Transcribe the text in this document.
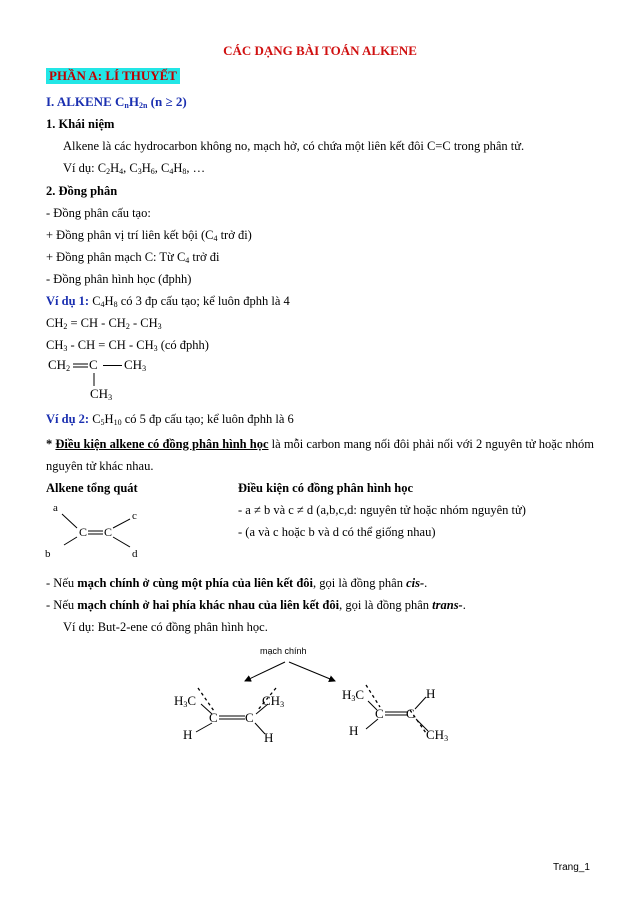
CÁC DẠNG BÀI TOÁN ALKENE
PHẦN A: LÍ THUYẾT
I. ALKENE $C_nH_{2n}$ (n ≥ 2)
1. Khái niệm
Alkene là các hydrocarbon không no, mạch hở, có chứa một liên kết đôi C=C trong phân tử.
Ví dụ: $C_2H_4$, $C_3H_6$, $C_4H_8$, …
2. Đồng phân
- Đồng phân cấu tạo:
+ Đồng phân vị trí liên kết bội ($C_4$ trở đi)
+ Đồng phân mạch C: Từ $C_4$ trở đi
- Đồng phân hình học (đphh)
Ví dụ 1: $C_4H_8$ có 3 đp cấu tạo; kể luôn đphh là 4
$CH_2$ = CH - $CH_2 - CH_3$
$CH_3$ - CH = CH - $CH_3$ (có đphh)
$CH_2$ C $CH_3$
$CH_3$
Ví dụ 2: $C_5H_{10}$ có 5 đp cấu tạo; kể luôn đphh là 6
* Điều kiện alkene có đồng phân hình học là mỗi carbon mang nối đôi phải nối với 2 nguyên tử hoặc nhóm nguyên tử khác nhau.
Alkene tổng quát	Điều kiện có đồng phân hình học
a
b
c
d
C C
- a ≠ b và c ≠ d (a,b,c,d: nguyên tử hoặc nhóm nguyên tử)
- (a và c hoặc b và d có thể giống nhau)
- Nếu mạch chính ở cùng một phía của liên kết đôi, gọi là đồng phân cis-.
- Nếu mạch chính ở hai phía khác nhau của liên kết đôi, gọi là đồng phân trans-.
Ví dụ: But-2-ene có đồng phân hình học.
mạch chính
$H_3C$	$CH_3$
C C
H	H
$H_3C$	H
C C
H	$CH_3$
Trang_1
